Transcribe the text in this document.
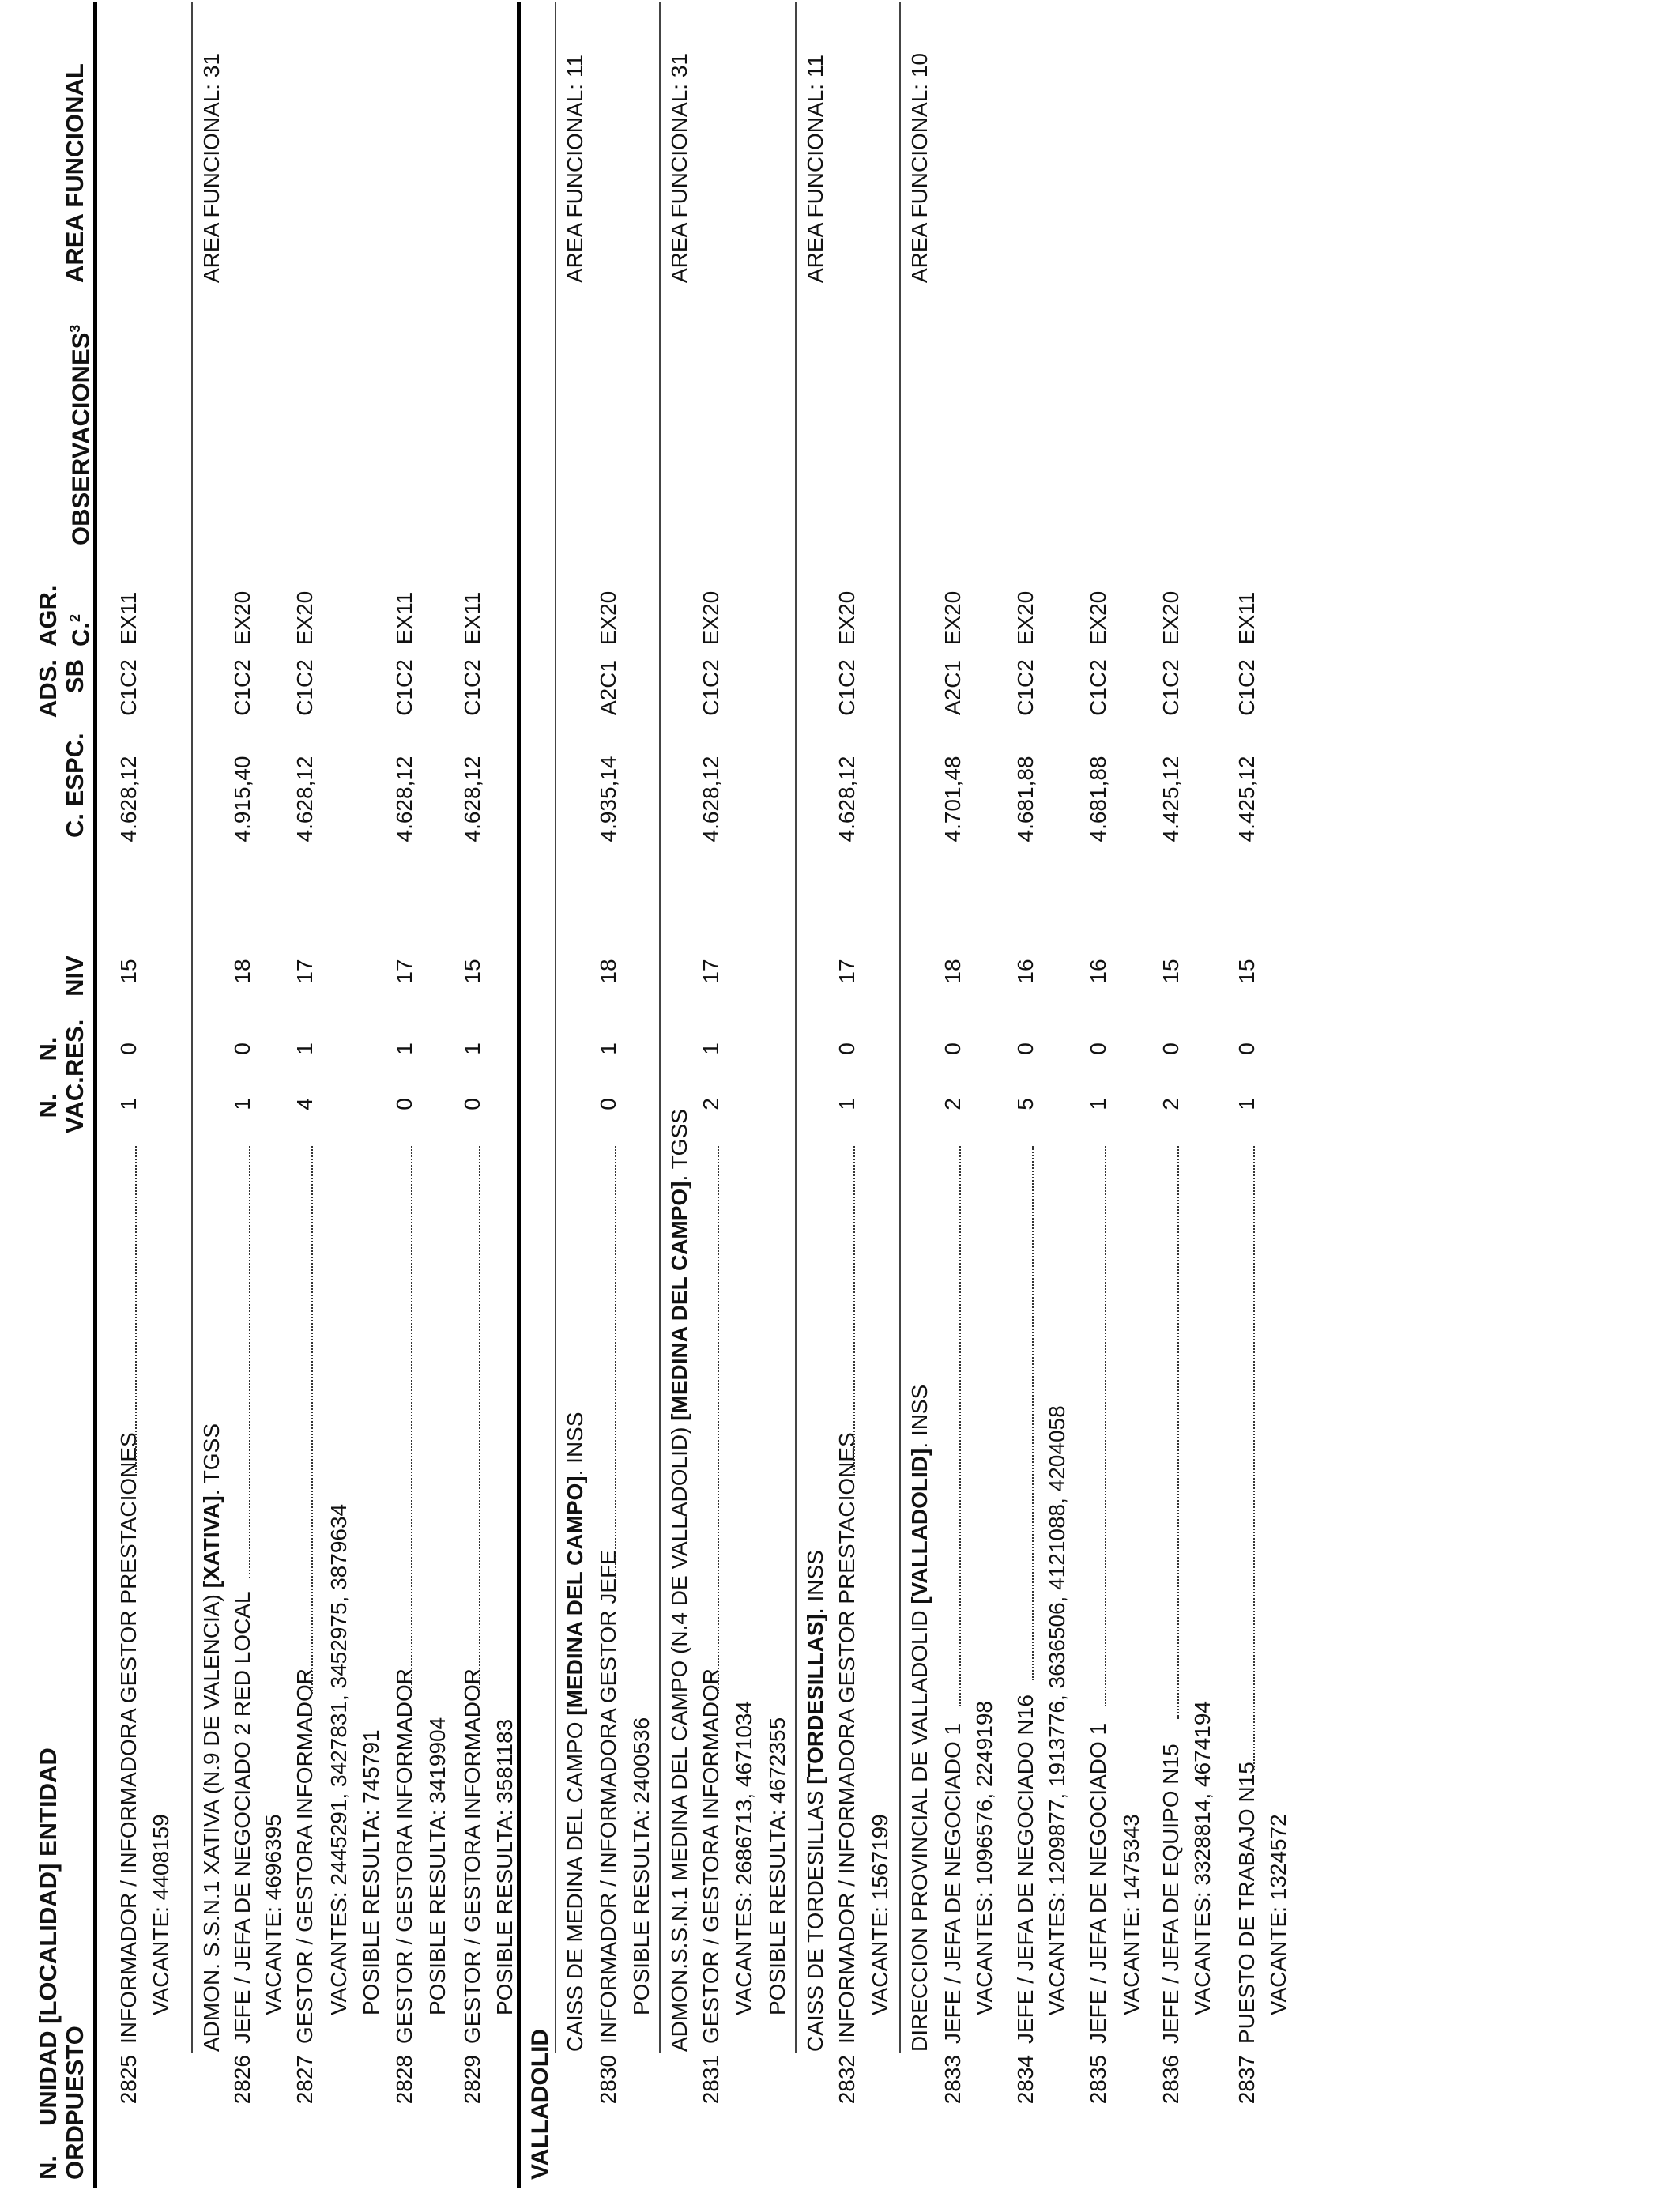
N. ORD.
UNIDAD [LOCALIDAD] ENTIDAD PUESTO
N. VAC.
N. RES.
NIV
C. ESPC.
ADS. SB
AGR. C.$^2$
OBSERVACIONES$^3$
AREA FUNCIONAL
2825
INFORMADOR / INFORMADORA GESTOR PRESTACIONES
1
0
15
4.628,12
C1C2
EX11
VACANTE: 4408159 ADMON. S.S.N.1 XATIVA (N.9 DE VALENCIA) [XATIVA]. TGSS
AREA FUNCIONAL: 31
2826
JEFE / JEFA DE NEGOCIADO 2 RED LOCAL
1
0
18
4.915,40
C1C2
EX20
VACANTE: 4696395
2827
GESTOR / GESTORA INFORMADOR
4
1
17
4.628,12
C1C2
EX20
VACANTES: 2445291, 3427831, 3452975, 3879634 POSIBLE RESULTA: 745791
2828
GESTOR / GESTORA INFORMADOR
0
1
17
4.628,12
C1C2
EX11
POSIBLE RESULTA: 3419904
2829
GESTOR / GESTORA INFORMADOR
0
1
15
4.628,12
C1C2
EX11
POSIBLE RESULTA: 3581183
VALLADOLID
CAISS DE MEDINA DEL CAMPO [MEDINA DEL CAMPO]. INSS
AREA FUNCIONAL: 11
2830
INFORMADOR / INFORMADORA GESTOR JEFE
0
1
18
4.935,14
A2C1
EX20
POSIBLE RESULTA: 2400536 ADMON.S.S.N.1 MEDINA DEL CAMPO (N.4 DE VALLADOLID) [MEDINA DEL CAMPO]. TGSS
AREA FUNCIONAL: 31
2831
GESTOR / GESTORA INFORMADOR
2
1
17
4.628,12
C1C2
EX20
VACANTES: 2686713, 4671034 POSIBLE RESULTA: 4672355 CAISS DE TORDESILLAS [TORDESILLAS]. INSS
AREA FUNCIONAL: 11
2832
INFORMADOR / INFORMADORA GESTOR PRESTACIONES
1
0
17
4.628,12
C1C2
EX20
VACANTE: 1567199 DIRECCION PROVINCIAL DE VALLADOLID [VALLADOLID]. INSS
AREA FUNCIONAL: 10
2833
JEFE / JEFA DE NEGOCIADO 1
2
0
18
4.701,48
A2C1
EX20
VACANTES: 1096576, 2249198
2834
JEFE / JEFA DE NEGOCIADO N16
5
0
16
4.681,88
C1C2
EX20
VACANTES: 1209877, 1913776, 3636506, 4121088, 4204058
2835
JEFE / JEFA DE NEGOCIADO 1
1
0
16
4.681,88
C1C2
EX20
VACANTE: 1475343
2836
JEFE / JEFA DE EQUIPO N15
2
0
15
4.425,12
C1C2
EX20
VACANTES: 3328814, 4674194
2837
PUESTO DE TRABAJO N15
1
0
15
4.425,12
C1C2
EX11
VACANTE: 1324572
